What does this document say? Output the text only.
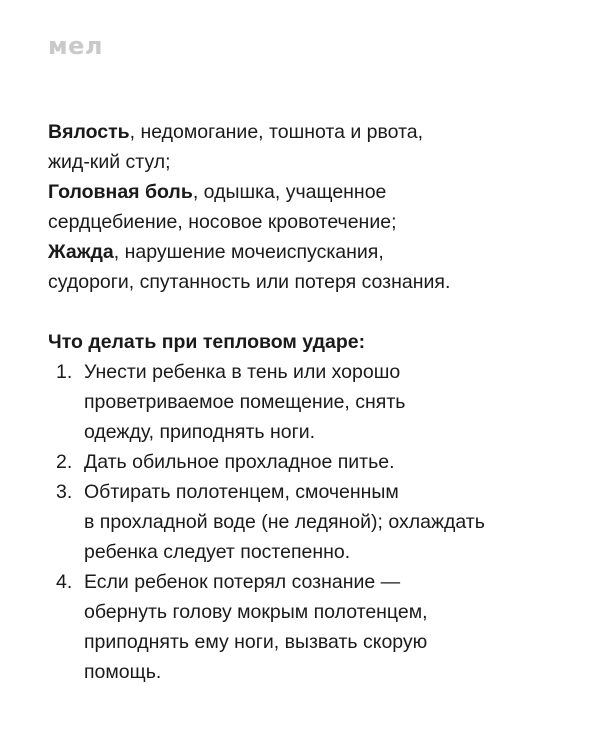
мел
Вялость, недомогание, тошнота и рвота,
жид-кий стул;
Головная боль, одышка, учащенное
сердцебиение, носовое кровотечение;
Жажда, нарушение мочеиспускания,
судороги, спутанность или потеря сознания.
Что делать при тепловом ударе:
1. Унести ребенка в тень или хорошо
проветриваемое помещение, снять
одежду, приподнять ноги.
2. Дать обильное прохладное питье.
3. Обтирать полотенцем, смоченным
в прохладной воде (не ледяной); охлаждать
ребенка следует постепенно.
4. Если ребенок потерял сознание —
обернуть голову мокрым полотенцем,
приподнять ему ноги, вызвать скорую
помощь.
